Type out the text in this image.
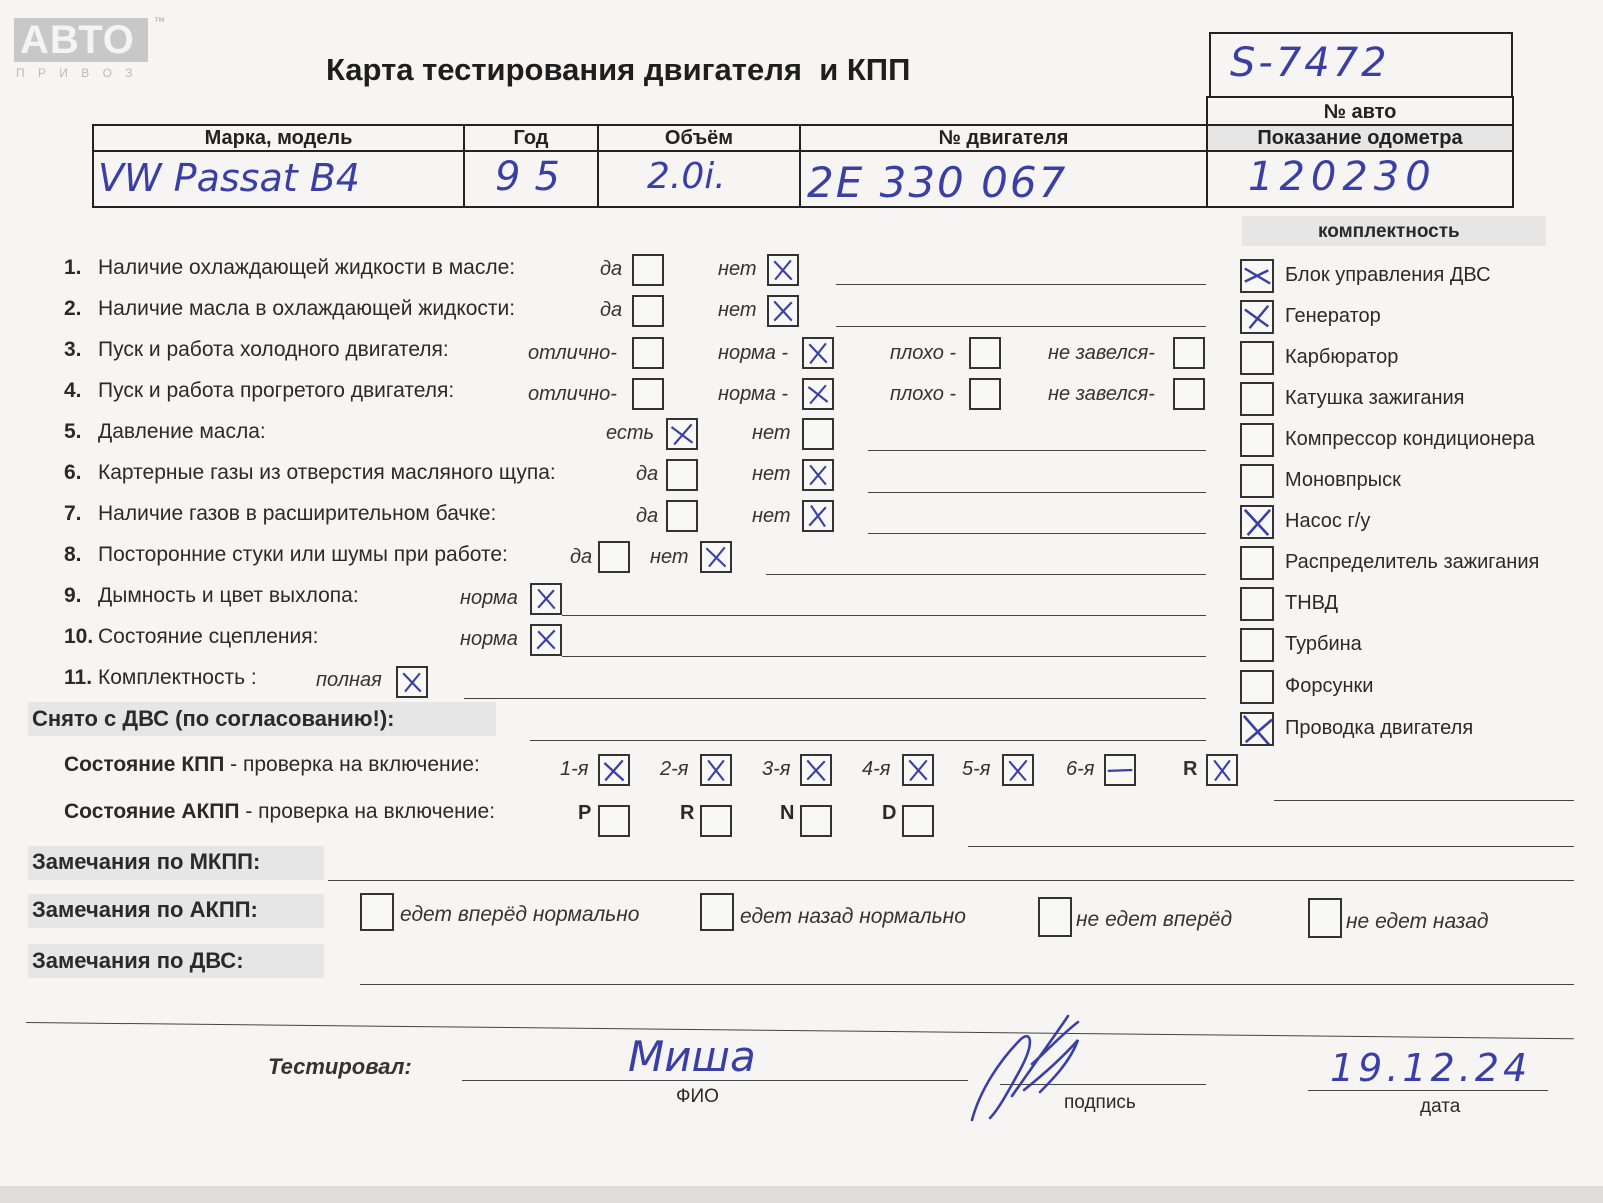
АВТО ™
П Р И В О З	Карта тестирования двигателя  и КПП	S-7472
				№ авто
Марка, модель	Год	Объём	№ двигателя	Показание одометра

VW Passat B4	95	2.0i.	2E 330 067	120230
1. Наличие охлаждающей жидкости в масле:	да	нет
2. Наличие масла в охлаждающей жидкости:	да	нет
3. Пуск и работа холодного двигателя:	отлично-	норма -	плохо -	не завелся-
4. Пуск и работа прогретого двигателя:	отлично-	норма -	плохо -	не завелся-
5. Давление масла:	есть	нет
6. Картерные газы из отверстия масляного щупа:	да	нет
7. Наличие газов в расширительном бачке:	да	нет
8. Посторонние стуки или шумы при работе:	да	нет
9. Дымность и цвет выхлопа:	норма
10. Состояние сцепления:	норма
11. Комплектность :	полная
комплектность
Блок управления ДВС
Генератор
Карбюратор
Катушка зажигания
Компрессор кондиционера
Моновпрыск
Насос г/у
Распределитель зажигания
ТНВД
Турбина
Форсунки
Проводка двигателя
Снято с ДВС (по согласованию!):
Состояние КПП - проверка на включение:	1-я	2-я	3-я	4-я	5-я	6-я	R
Состояние АКПП - проверка на включение:	P	R	N	D
Замечания по МКПП:
Замечания по АКПП:	едет вперёд нормально	едет назад нормально	не едет вперёд	не едет назад
Замечания по ДВС:
Тестировал:	Миша
ФИО	подпись
19.12.24
дата
